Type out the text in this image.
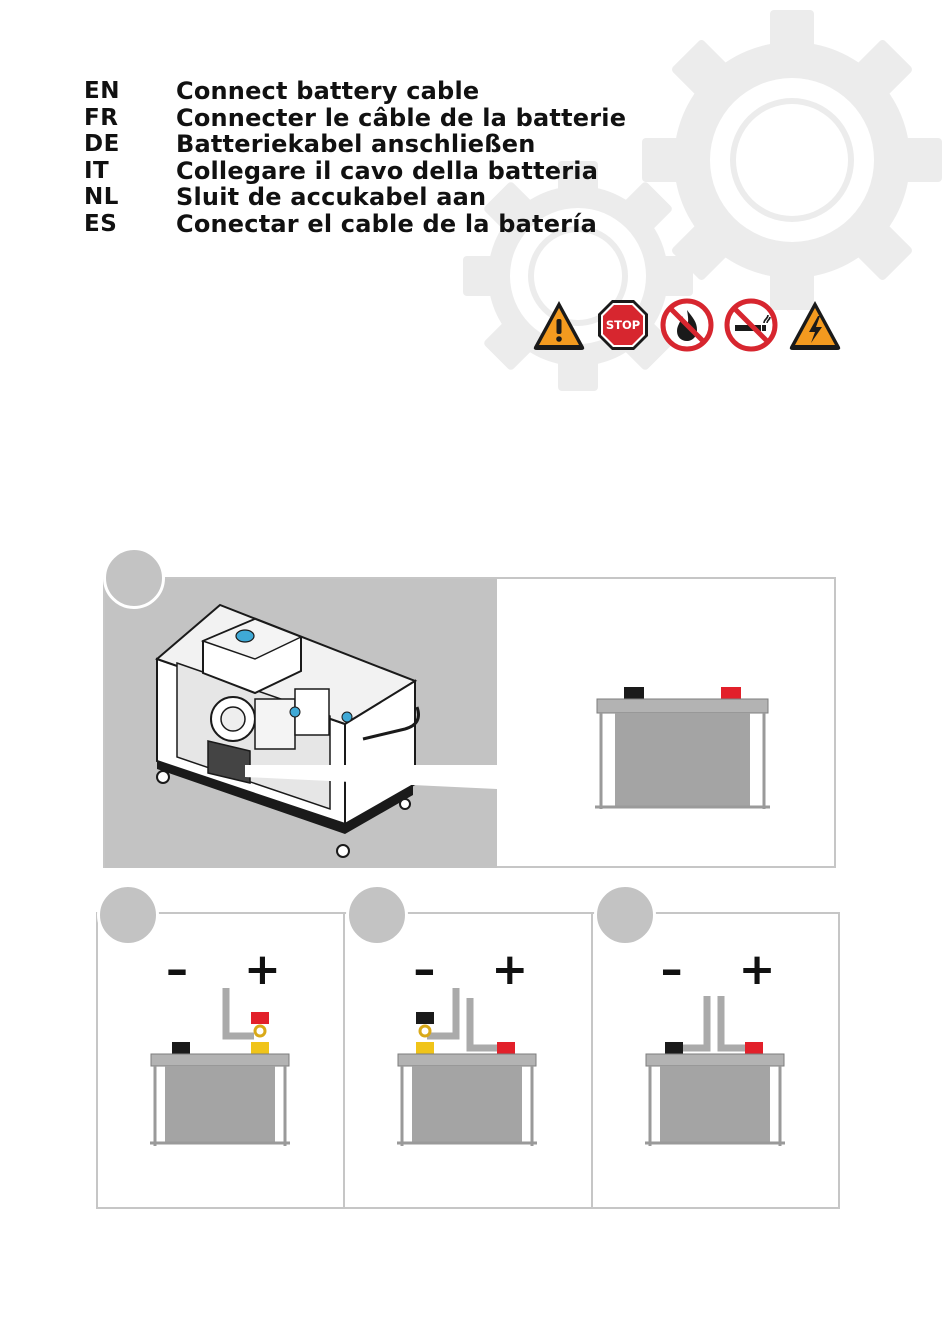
EN	Connect battery cable
FR	Connecter le câble de la batterie
DE	Batteriekabel anschließen
IT	Collegare il cavo della batteria
NL	Sluit de accukabel aan
ES	Conectar el cable de la batería
STOP
– +	– +	– +
